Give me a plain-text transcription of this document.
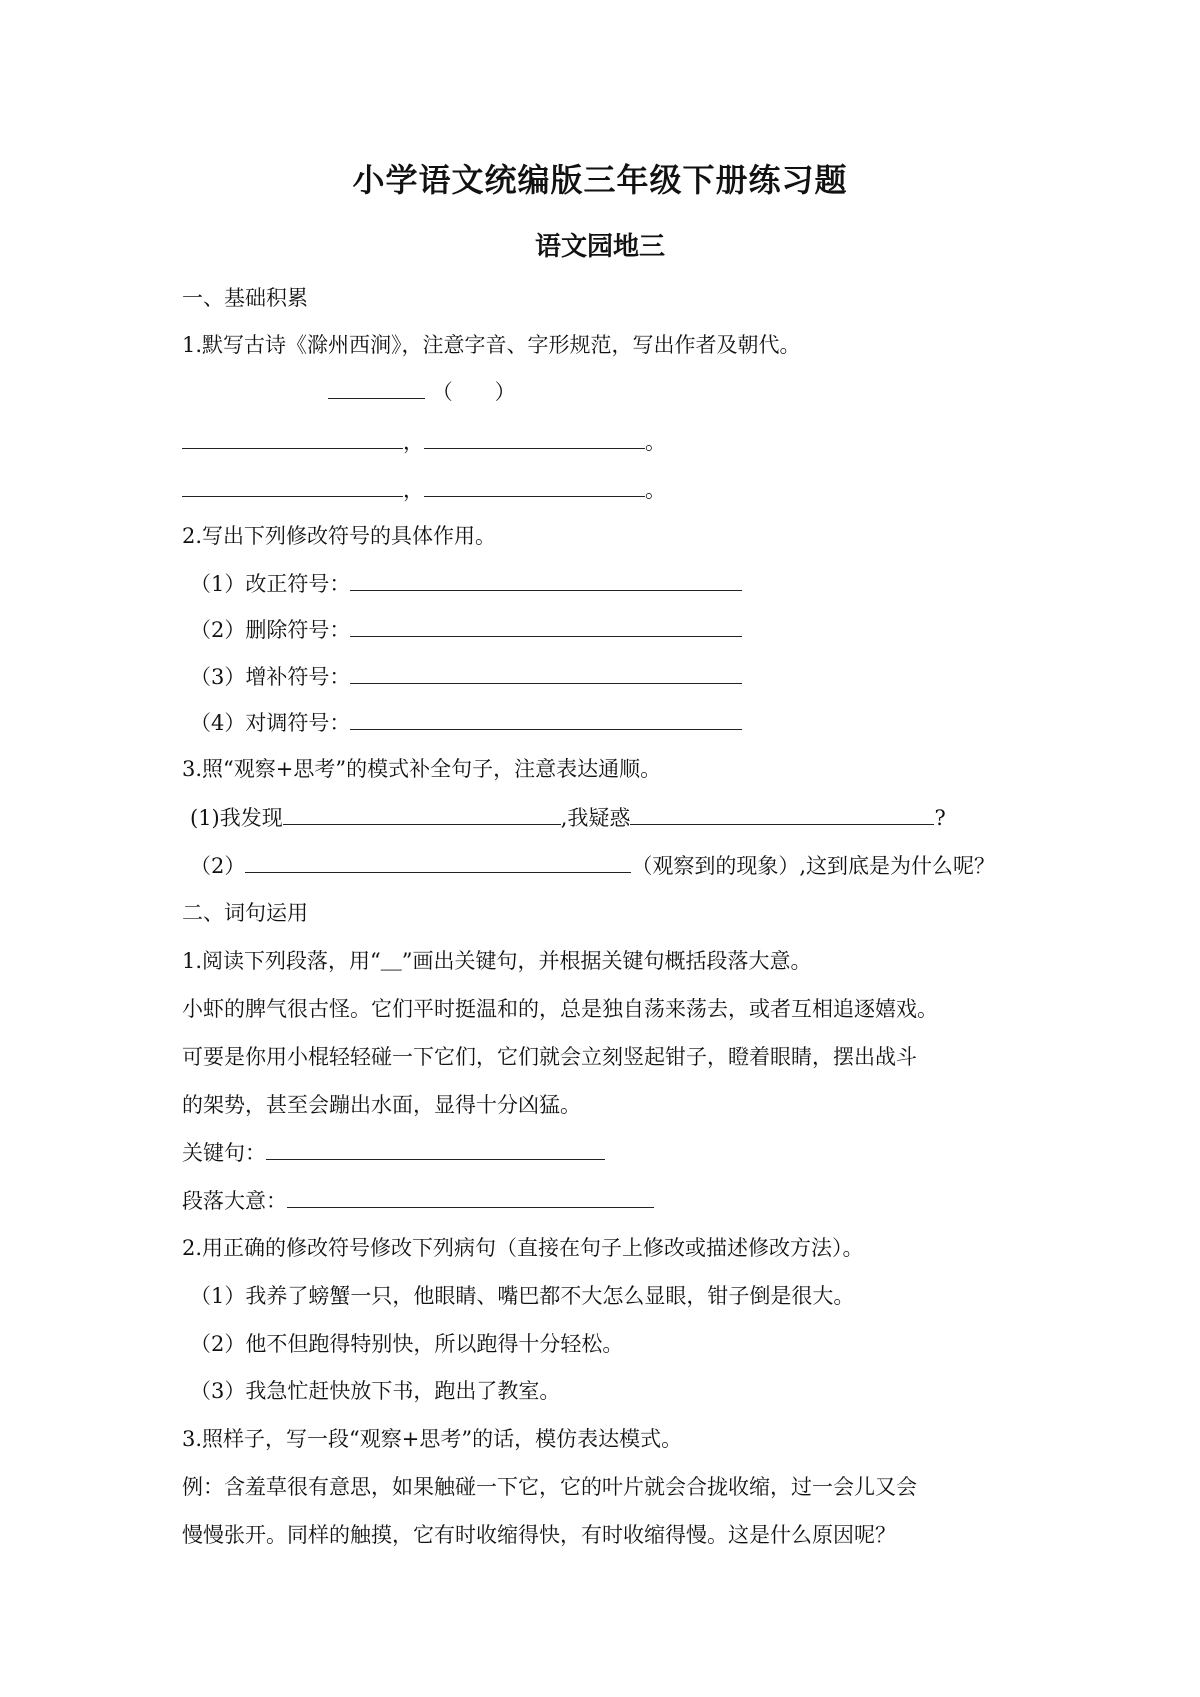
小学语文统编版三年级下册练习题
语文园地三
一、基础积累
1.默写古诗《滁州西涧》，注意字音、字形规范，写出作者及朝代。
（　　）
，	。
，	。
2.写出下列修改符号的具体作用。
（1）改正符号：
（2）删除符号：
（3）增补符号：
（4）对调符号：
3.照“观察+思考”的模式补全句子，注意表达通顺。
(1)我发现	,我疑惑	?
（2）	（观察到的现象）,这到底是为什么呢？
二、词句运用
1.阅读下列段落，用“＿”画出关键句，并根据关键句概括段落大意。
小虾的脾气很古怪。它们平时挺温和的，总是独自荡来荡去，或者互相追逐嬉戏。
可要是你用小棍轻轻碰一下它们，它们就会立刻竖起钳子，瞪着眼睛，摆出战斗
的架势，甚至会蹦出水面，显得十分凶猛。
关键句：
段落大意：
2.用正确的修改符号修改下列病句（直接在句子上修改或描述修改方法）。
（1）我养了螃蟹一只，他眼睛、嘴巴都不大怎么显眼，钳子倒是很大。
（2）他不但跑得特别快，所以跑得十分轻松。
（3）我急忙赶快放下书，跑出了教室。
3.照样子，写一段“观察+思考”的话，模仿表达模式。
例：含羞草很有意思，如果触碰一下它，它的叶片就会合拢收缩，过一会儿又会
慢慢张开。同样的触摸，它有时收缩得快，有时收缩得慢。这是什么原因呢？
